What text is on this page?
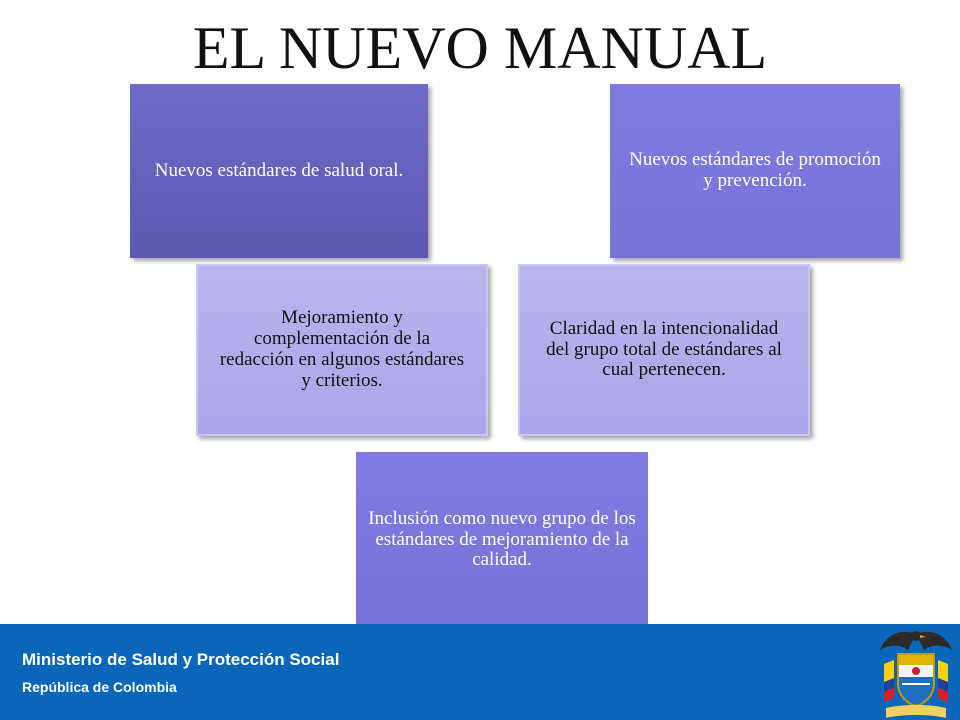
EL NUEVO MANUAL
Nuevos estándares de salud oral.	Nuevos estándares de promoción y prevención.
Mejoramiento y complementación de la redacción en algunos estándares y criterios.
Claridad en la intencionalidad del grupo total de estándares al cual pertenecen.
Inclusión como nuevo grupo de los estándares de mejoramiento de la calidad.
Ministerio de Salud y Protección Social
República de Colombia
